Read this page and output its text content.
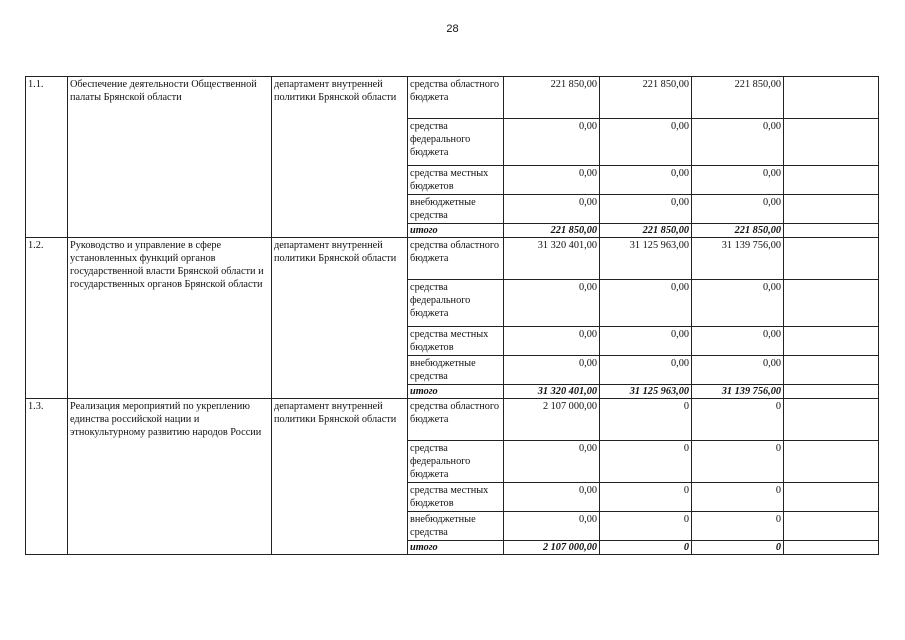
28
1.1.	Обеспечение деятельности Общественной палаты Брянской области	департамент внутренней политики Брянской области	средства областного бюджета	221 850,00	221 850,00	221 850,00	
			средства федерального бюджета	0,00	0,00	0,00	
			средства местных бюджетов	0,00	0,00	0,00	
			внебюджетные средства	0,00	0,00	0,00	
			итого	221 850,00	221 850,00	221 850,00	
1.2.	Руководство и управление в сфере установленных функций органов государственной власти Брянской области и государственных органов Брянской области	департамент внутренней политики Брянской области	средства областного бюджета	31 320 401,00	31 125 963,00	31 139 756,00	
			средства федерального бюджета	0,00	0,00	0,00	
			средства местных бюджетов	0,00	0,00	0,00	
			внебюджетные средства	0,00	0,00	0,00	
			итого	31 320 401,00	31 125 963,00	31 139 756,00	
1.3.	Реализация мероприятий по укреплению единства российской нации и этнокультурному развитию народов России	департамент внутренней политики Брянской области	средства областного бюджета	2 107 000,00	0	0	
			средства федерального бюджета	0,00	0	0	
			средства местных бюджетов	0,00	0	0	
			внебюджетные средства	0,00	0	0	
			итого	2 107 000,00	0	0	
